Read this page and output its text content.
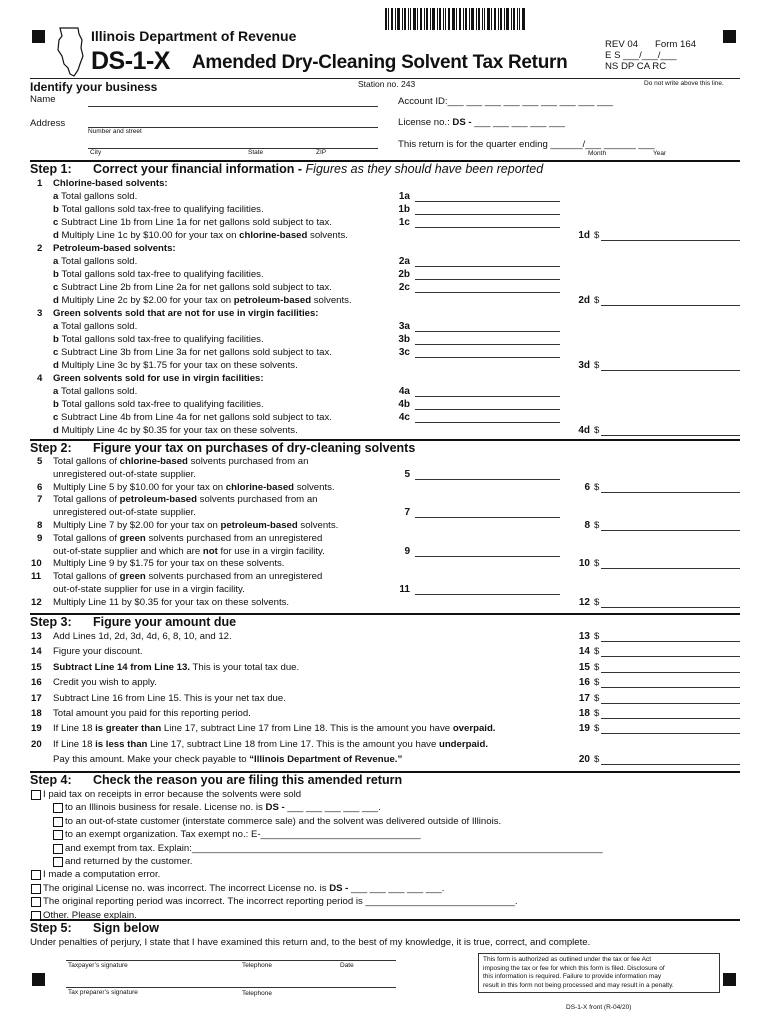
Illinois Department of Revenue
DS-1-X Amended Dry-Cleaning Solvent Tax Return
REV 04 Form 164
E S ___/___/___
NS DP CA RC
Station no. 243	Do not write above this line.
Identify your business
Name	Account ID:___ ___ ___ ___ ___ ___ ___ ___ ___
Address
Number and street
License no.: DS - ___ ___ ___ ___ ___
City	State	ZIP
This return is for the quarter ending ______/___ ______ ___
Month	Year
Step 1: Correct your financial information - Figures as they should have been reported
1 Chlorine-based solvents:
a Total gallons sold.	1a
b Total gallons sold tax-free to qualifying facilities.	1b
c Subtract Line 1b from Line 1a for net gallons sold subject to tax.	1c
d Multiply Line 1c by $10.00 for your tax on chlorine-based solvents.	1d $
2 Petroleum-based solvents:
a Total gallons sold.	2a
b Total gallons sold tax-free to qualifying facilities.	2b
c Subtract Line 2b from Line 2a for net gallons sold subject to tax.	2c
d Multiply Line 2c by $2.00 for your tax on petroleum-based solvents.	2d $
3 Green solvents sold that are not for use in virgin facilities:
a Total gallons sold.	3a
b Total gallons sold tax-free to qualifying facilities.	3b
c Subtract Line 3b from Line 3a for net gallons sold subject to tax.	3c
d Multiply Line 3c by $1.75 for your tax on these solvents.	3d $
4 Green solvents sold for use in virgin facilities:
a Total gallons sold.	4a
b Total gallons sold tax-free to qualifying facilities.	4b
c Subtract Line 4b from Line 4a for net gallons sold subject to tax.	4c
d Multiply Line 4c by $0.35 for your tax on these solvents.	4d $
Step 2: Figure your tax on purchases of dry-cleaning solvents
5 Total gallons of chlorine-based solvents purchased from an
unregistered out-of-state supplier.	5
6 Multiply Line 5 by $10.00 for your tax on chlorine-based solvents.	6 $
7 Total gallons of petroleum-based solvents purchased from an
unregistered out-of-state supplier.	7
8 Multiply Line 7 by $2.00 for your tax on petroleum-based solvents.	8 $
9 Total gallons of green solvents purchased from an unregistered
out-of-state supplier and which are not for use in a virgin facility.	9
10 Multiply Line 9 by $1.75 for your tax on these solvents.	10 $
11 Total gallons of green solvents purchased from an unregistered
out-of-state supplier for use in a virgin facility.	11
12 Multiply Line 11 by $0.35 for your tax on these solvents.	12 $
Step 3: Figure your amount due
13 Add Lines 1d, 2d, 3d, 4d, 6, 8, 10, and 12.	13 $
14 Figure your discount.	14 $
15 Subtract Line 14 from Line 13. This is your total tax due.	15 $
16 Credit you wish to apply.	16 $
17 Subtract Line 16 from Line 15. This is your net tax due.	17 $
18 Total amount you paid for this reporting period.	18 $
19 If Line 18 is greater than Line 17, subtract Line 17 from Line 18. This is the amount you have overpaid.	19 $
20 If Line 18 is less than Line 17, subtract Line 18 from Line 17. This is the amount you have underpaid.
Pay this amount. Make your check payable to “Illinois Department of Revenue.”	20 $
Step 4: Check the reason you are filing this amended return
I paid tax on receipts in error because the solvents were sold
to an Illinois business for resale. License no. is DS - ___ ___ ___ ___ ___.
to an out-of-state customer (interstate commerce sale) and the solvent was delivered outside of Illinois.
to an exempt organization. Tax exempt no.: E-______________________________
and exempt from tax. Explain:_____________________________________________________________________________
and returned by the customer.
I made a computation error.
The original License no. was incorrect. The incorrect License no. is DS - ___ ___ ___ ___ ___.
The original reporting period was incorrect. The incorrect reporting period is ____________________________.
Other. Please explain._______________________________________________________________________________________
Step 5: Sign below
Under penalties of perjury, I state that I have examined this return and, to the best of my knowledge, it is true, correct, and complete.
Taxpayer’s signature	Telephone	Date
Tax preparer’s signature	Telephone
This form is authorized as outlined under the tax or fee Act
imposing the tax or fee for which this form is filed. Disclosure of
this information is required. Failure to provide information may
result in this form not being processed and may result in a penalty.
DS-1-X front (R-04/20)
